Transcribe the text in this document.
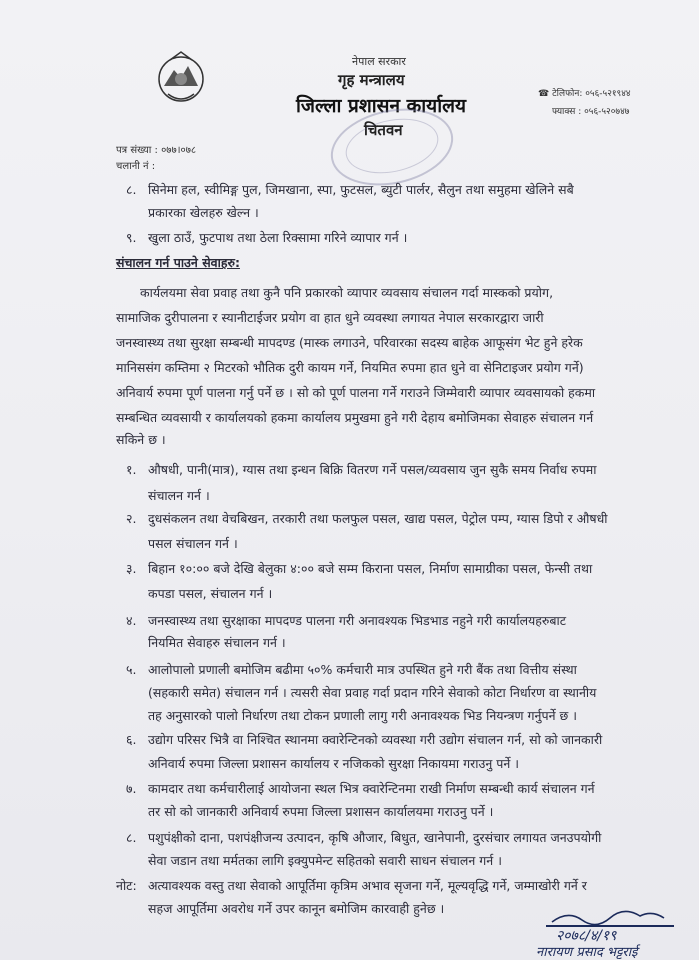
नेपाल सरकार
गृह मन्त्रालय
जिल्ला प्रशासन कार्यालय
चितवन
☎ टेलिफोन: ०५६-५२१९४४
फ्याक्स : ०५६-५२०७४७
पत्र संख्या : ०७७।०७८
चलानी नं :
८. सिनेमा हल, स्वीमिङ्ग पुल, जिमखाना, स्पा, फुटसल, ब्युटी पार्लर, सैलुन तथा समुहमा खेलिने सबै
प्रकारका खेलहरु खेल्न ।
९. खुला ठाउँ, फुटपाथ तथा ठेला रिक्सामा गरिने व्यापार गर्न ।
संचालन गर्न पाउने सेवाहरु:
कार्यलयमा सेवा प्रवाह तथा कुनै पनि प्रकारको व्यापार व्यवसाय संचालन गर्दा मास्कको प्रयोग,
सामाजिक दुरीपालना र स्यानीटाईजर प्रयोग वा हात धुने व्यवस्था लगायत नेपाल सरकारद्वारा जारी
जनस्वास्थ्य तथा सुरक्षा सम्बन्धी मापदण्ड (मास्क लगाउने, परिवारका सदस्य बाहेक आफूसंग भेट हुने हरेक
मानिससंग कम्तिमा २ मिटरको भौतिक दुरी कायम गर्ने, नियमित रुपमा हात धुने वा सेनिटाइजर प्रयोग गर्ने)
अनिवार्य रुपमा पूर्ण पालना गर्नु पर्ने छ । सो को पूर्ण पालना गर्ने गराउने जिम्मेवारी व्यापार व्यवसायको हकमा
सम्बन्धित व्यवसायी र कार्यालयको हकमा कार्यालय प्रमुखमा हुने गरी देहाय बमोजिमका सेवाहरु संचालन गर्न
सकिने छ ।
१. औषधी, पानी(मात्र), ग्यास तथा इन्धन बिक्रि वितरण गर्ने पसल/व्यवसाय जुन सुकै समय निर्वाध रुपमा
संचालन गर्न ।
२. दुधसंकलन तथा वेचबिखन, तरकारी तथा फलफुल पसल, खाद्य पसल, पेट्रोल पम्प, ग्यास डिपो र औषधी
पसल संचालन गर्न ।
३. बिहान १०:०० बजे देखि बेलुका ४:०० बजे सम्म किराना पसल, निर्माण सामाग्रीका पसल, फेन्सी तथा
कपडा पसल, संचालन गर्न ।
४. जनस्वास्थ्य तथा सुरक्षाका मापदण्ड पालना गरी अनावश्यक भिडभाड नहुने गरी कार्यालयहरुबाट
नियमित सेवाहरु संचालन गर्न ।
५. आलोपालो प्रणाली बमोजिम बढीमा ५०% कर्मचारी मात्र उपस्थित हुने गरी बैंक तथा वित्तीय संस्था
(सहकारी समेत) संचालन गर्न । त्यसरी सेवा प्रवाह गर्दा प्रदान गरिने सेवाको कोटा निर्धारण वा स्थानीय
तह अनुसारको पालो निर्धारण तथा टोकन प्रणाली लागु गरी अनावश्यक भिड नियन्त्रण गर्नुपर्ने छ ।
६. उद्योग परिसर भित्रै वा निश्चित स्थानमा क्वारेन्टिनको व्यवस्था गरी उद्योग संचालन गर्न, सो को जानकारी
अनिवार्य रुपमा जिल्ला प्रशासन कार्यालय र नजिकको सुरक्षा निकायमा गराउनु पर्ने ।
७. कामदार तथा कर्मचारीलाई आयोजना स्थल भित्र क्वारेन्टिनमा राखी निर्माण सम्बन्धी कार्य संचालन गर्न
तर सो को जानकारी अनिवार्य रुपमा जिल्ला प्रशासन कार्यालयमा गराउनु पर्ने ।
८. पशुपंक्षीको दाना, पशपंक्षीजन्य उत्पादन, कृषि औजार, बिधुत, खानेपानी, दुरसंचार लगायत जनउपयोगी
सेवा जडान तथा मर्मतका लागि इक्युपमेन्ट सहितको सवारी साधन संचालन गर्न ।
नोट: अत्यावश्यक वस्तु तथा सेवाको आपूर्तिमा कृत्रिम अभाव सृजना गर्ने, मूल्यवृद्धि गर्ने, जम्माखोरी गर्ने र
सहज आपूर्तिमा अवरोध गर्ने उपर कानून बमोजिम कारवाही हुनेछ ।
२०७८/४/१९
नारायण प्रसाद भट्टराई
